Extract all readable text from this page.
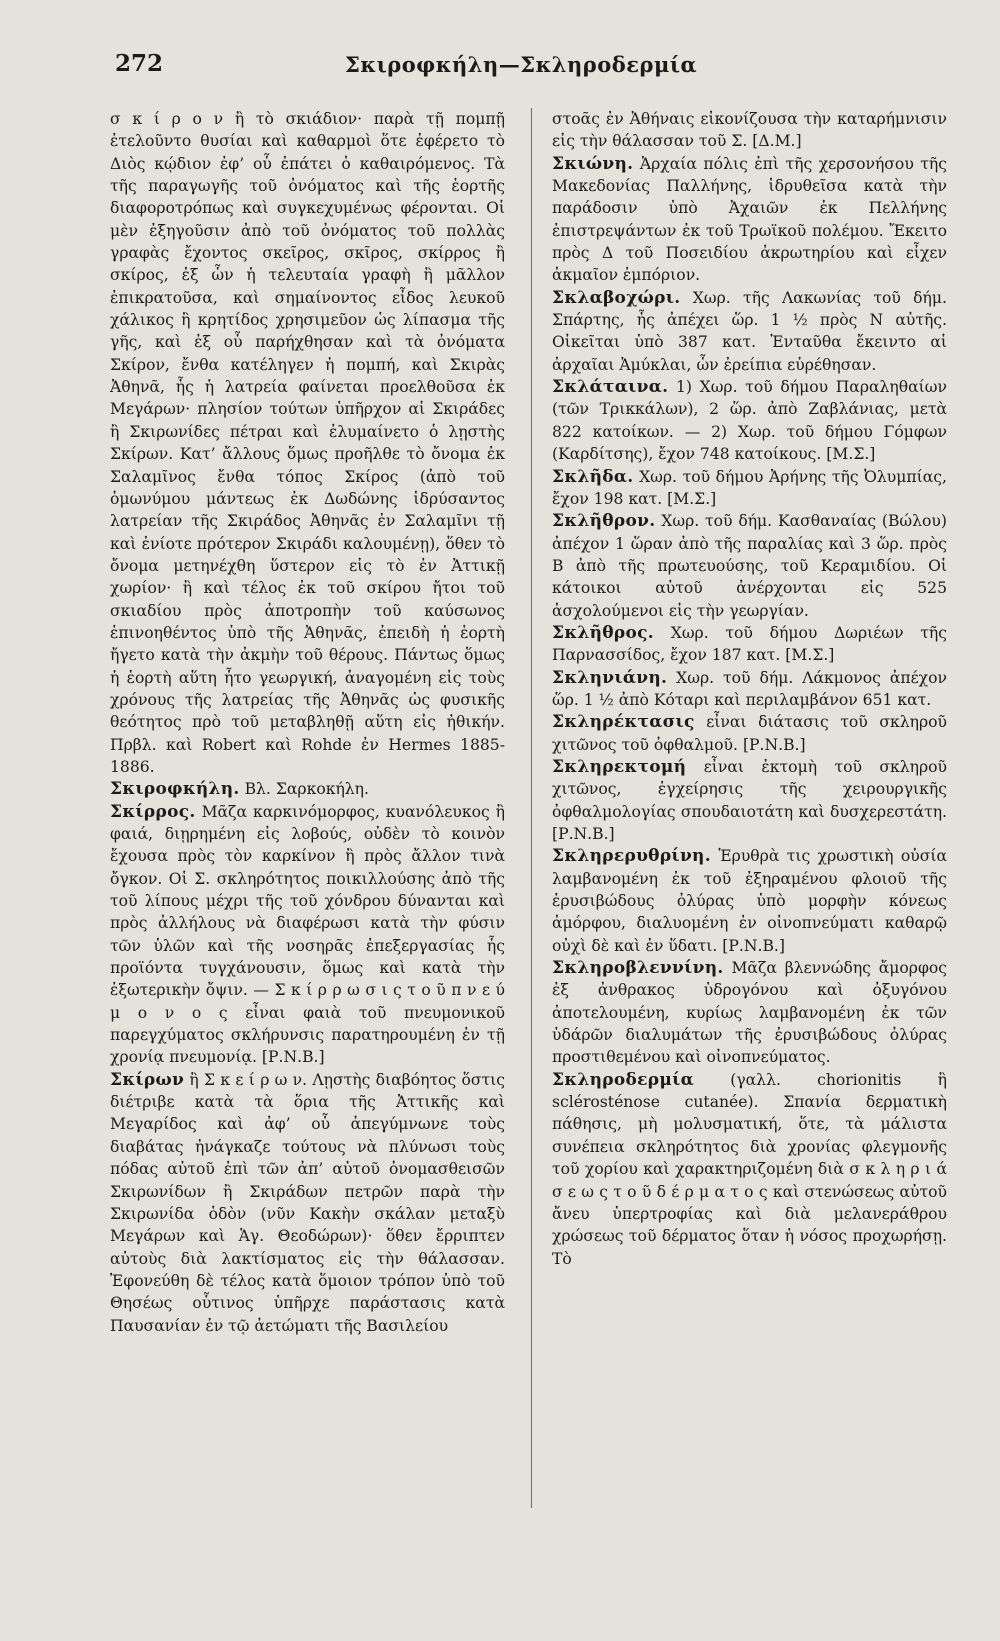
272	Σκιροφκήλη—Σκληροδερμία

σ κ ί ρ ο ν ἢ τὸ σκιάδιον· παρὰ τῇ πομπῇ ἐτελοῦντο θυσίαι καὶ καθαρμοὶ ὅτε ἐφέρετο τὸ Διὸς κῴδιον ἐφ’ οὗ ἐπάτει ὁ καθαιρόμενος. Τὰ τῆς παραγωγῆς τοῦ ὀνόματος καὶ τῆς ἑορτῆς διαφοροτρόπως καὶ συγκεχυμένως φέρονται. Οἱ μὲν ἐξηγοῦσιν ἀπὸ τοῦ ὀνόματος τοῦ πολλὰς γραφὰς ἔχοντος σκεῖρος, σκῖρος, σκίρρος ἢ σκίρος, ἐξ ὧν ἡ τελευταία γραφὴ ἢ μᾶλλον ἐπικρατοῦσα, καὶ σημαίνοντος εἶδος λευκοῦ χάλικος ἢ κρητίδος χρησιμεῦον ὡς λίπασμα τῆς γῆς, καὶ ἐξ οὗ παρήχθησαν καὶ τὰ ὀνόματα Σκίρον, ἔνθα κατέληγεν ἡ πομπή, καὶ Σκιρὰς Ἀθηνᾶ, ἧς ἡ λατρεία φαίνεται προελθοῦσα ἐκ Μεγάρων· πλησίον τούτων ὑπῆρχον αἱ Σκιράδες ἢ Σκιρωνίδες πέτραι καὶ ἐλυμαίνετο ὁ λῃστὴς Σκίρων. Κατ’ ἄλλους ὅμως προῆλθε τὸ ὄνομα ἐκ Σαλαμῖνος ἔνθα τόπος Σκίρος (ἀπὸ τοῦ ὁμωνύμου μάντεως ἐκ Δωδώνης ἱδρύσαντος λατρείαν τῆς Σκιράδος Ἀθηνᾶς ἐν Σαλαμῖνι τῇ καὶ ἐνίοτε πρότερον Σκιράδι καλουμένῃ), ὅθεν τὸ ὄνομα μετηνέχθη ὕστερον εἰς τὸ ἐν Ἀττικῇ χωρίον· ἢ καὶ τέλος ἐκ τοῦ σκίρου ἤτοι τοῦ σκιαδίου πρὸς ἀποτροπὴν τοῦ καύσωνος ἐπινοηθέντος ὑπὸ τῆς Ἀθηνᾶς, ἐπειδὴ ἡ ἑορτὴ ἤγετο κατὰ τὴν ἀκμὴν τοῦ θέρους. Πάντως ὅμως ἡ ἑορτὴ αὕτη ἦτο γεωργική, ἀναγομένη εἰς τοὺς χρόνους τῆς λατρείας τῆς Ἀθηνᾶς ὡς φυσικῆς θεότητος πρὸ τοῦ μεταβληθῇ αὕτη εἰς ἠθικήν. Πρβλ. καὶ Robert καὶ Rohde ἐν Hermes 1885-1886.

Σκιροφκήλη. Βλ. Σαρκοκήλη.

Σκίρρος. Μᾶζα καρκινόμορφος, κυανόλευκος ἢ φαιά, διῃρημένη εἰς λοβούς, οὐδὲν τὸ κοινὸν ἔχουσα πρὸς τὸν καρκίνον ἢ πρὸς ἄλλον τινὰ ὄγκον. Οἱ Σ. σκληρότητος ποικιλλούσης ἀπὸ τῆς τοῦ λίπους μέχρι τῆς τοῦ χόνδρου δύνανται καὶ πρὸς ἀλλήλους νὰ διαφέρωσι κατὰ τὴν φύσιν τῶν ὑλῶν καὶ τῆς νοσηρᾶς ἐπεξεργασίας ἧς προϊόντα τυγχάνουσιν, ὅμως καὶ κατὰ τὴν ἐξωτερικὴν ὄψιν. — Σ κ ί ρ ρ ω σ ι ς τ ο ῦ π ν ε ύ μ ο ν ο ς εἶναι φαιὰ τοῦ πνευμονικοῦ παρεγχύματος σκλήρυνσις παρατηρουμένη ἐν τῇ χρονίᾳ πνευμονίᾳ. [Ρ.Ν.Β.]

Σκίρων ἢ Σ κ ε ί ρ ω ν. Λῃστὴς διαβόητος ὅστις διέτριβε κατὰ τὰ ὅρια τῆς Ἀττικῆς καὶ Μεγαρίδος καὶ ἀφ’ οὗ ἀπεγύμνωνε τοὺς διαβάτας ἠνάγκαζε τούτους νὰ πλύνωσι τοὺς πόδας αὐτοῦ ἐπὶ τῶν ἀπ’ αὐτοῦ ὀνομασθεισῶν Σκιρωνίδων ἢ Σκιράδων πετρῶν παρὰ τὴν Σκιρωνίδα ὁδὸν (νῦν Κακὴν σκάλαν μεταξὺ Μεγάρων καὶ Ἁγ. Θεοδώρων)· ὅθεν ἔρριπτεν αὐτοὺς διὰ λακτίσματος εἰς τὴν θάλασσαν. Ἐφονεύθη δὲ τέλος κατὰ ὅμοιον τρόπον ὑπὸ τοῦ Θησέως οὗτινος ὑπῆρχε παράστασις κατὰ Παυσανίαν ἐν τῷ ἀετώματι τῆς Βασιλείου

στοᾶς ἐν Ἀθήναις εἰκονίζουσα τὴν καταρήμνισιν εἰς τὴν θάλασσαν τοῦ Σ. [Δ.Μ.]

Σκιώνη. Ἀρχαία πόλις ἐπὶ τῆς χερσονήσου τῆς Μακεδονίας Παλλήνης, ἱδρυθεῖσα κατὰ τὴν παράδοσιν ὑπὸ Ἀχαιῶν ἐκ Πελλήνης ἐπιστρεψάντων ἐκ τοῦ Τρωϊκοῦ πολέμου. Ἔκειτο πρὸς Δ τοῦ Ποσειδίου ἀκρωτηρίου καὶ εἶχεν ἀκμαῖον ἐμπόριον.

Σκλαβοχώρι. Χωρ. τῆς Λακωνίας τοῦ δήμ. Σπάρτης, ἧς ἀπέχει ὥρ. 1 ½ πρὸς Ν αὐτῆς. Οἰκεῖται ὑπὸ 387 κατ. Ἐνταῦθα ἔκειντο αἱ ἀρχαῖαι Ἀμύκλαι, ὧν ἐρείπια εὑρέθησαν.

Σκλάταινα. 1) Χωρ. τοῦ δήμου Παραληθαίων (τῶν Τρικκάλων), 2 ὥρ. ἀπὸ Ζαβλάνιας, μετὰ 822 κατοίκων. — 2) Χωρ. τοῦ δήμου Γόμφων (Καρδίτσης), ἔχον 748 κατοίκους. [Μ.Σ.]

Σκλῆδα. Χωρ. τοῦ δήμου Ἀρήνης τῆς Ὀλυμπίας, ἔχον 198 κατ. [Μ.Σ.]

Σκλῆθρον. Χωρ. τοῦ δήμ. Κασθαναίας (Βώλου) ἀπέχον 1 ὥραν ἀπὸ τῆς παραλίας καὶ 3 ὥρ. πρὸς Β ἀπὸ τῆς πρωτευούσης, τοῦ Κεραμιδίου. Οἱ κάτοικοι αὐτοῦ ἀνέρχονται εἰς 525 ἀσχολούμενοι εἰς τὴν γεωργίαν.

Σκλῆθρος. Χωρ. τοῦ δήμου Δωριέων τῆς Παρνασσίδος, ἔχον 187 κατ. [Μ.Σ.]

Σκληνιάνη. Χωρ. τοῦ δήμ. Λάκμονος ἀπέχον ὥρ. 1 ½ ἀπὸ Κόταρι καὶ περιλαμβάνον 651 κατ.

Σκληρέκτασις εἶναι διάτασις τοῦ σκληροῦ χιτῶνος τοῦ ὀφθαλμοῦ. [Ρ.Ν.Β.]

Σκληρεκτομή εἶναι ἐκτομὴ τοῦ σκληροῦ χιτῶνος, ἐγχείρησις τῆς χειρουργικῆς ὀφθαλμολογίας σπουδαιοτάτη καὶ δυσχερεστάτη. [Ρ.Ν.Β.]

Σκληρερυθρίνη. Ἐρυθρὰ τις χρωστικὴ οὐσία λαμβανομένη ἐκ τοῦ ἐξηραμένου φλοιοῦ τῆς ἐρυσιβώδους ὀλύρας ὑπὸ μορφὴν κόνεως ἀμόρφου, διαλυομένη ἐν οἰνοπνεύματι καθαρῷ οὐχὶ δὲ καὶ ἐν ὕδατι. [Ρ.Ν.Β.]

Σκληροβλεννίνη. Μᾶζα βλεννώδης ἄμορφος ἐξ ἀνθρακος ὑδρογόνου καὶ ὀξυγόνου ἀποτελουμένη, κυρίως λαμβανομένη ἐκ τῶν ὑδάρῶν διαλυμάτων τῆς ἐρυσιβώδους ὀλύρας προστιθεμένου καὶ οἰνοπνεύματος.

Σκληροδερμία (γαλλ. chorionitis ἢ sclérosténose cutanée). Σπανία δερματικὴ πάθησις, μὴ μολυσματική, ὅτε, τὰ μάλιστα συνέπεια σκληρότητος διὰ χρονίας φλεγμονῆς τοῦ χορίου καὶ χαρακτηριζομένη διὰ σ κ λ η ρ ι ά σ ε ω ς τ ο ῦ δ έ ρ μ α τ ο ς καὶ στενώσεως αὐτοῦ ἄνευ ὑπερτροφίας καὶ διὰ μελανεράθρου χρώσεως τοῦ δέρματος ὅταν ἡ νόσος προχωρήσῃ. Τὸ
